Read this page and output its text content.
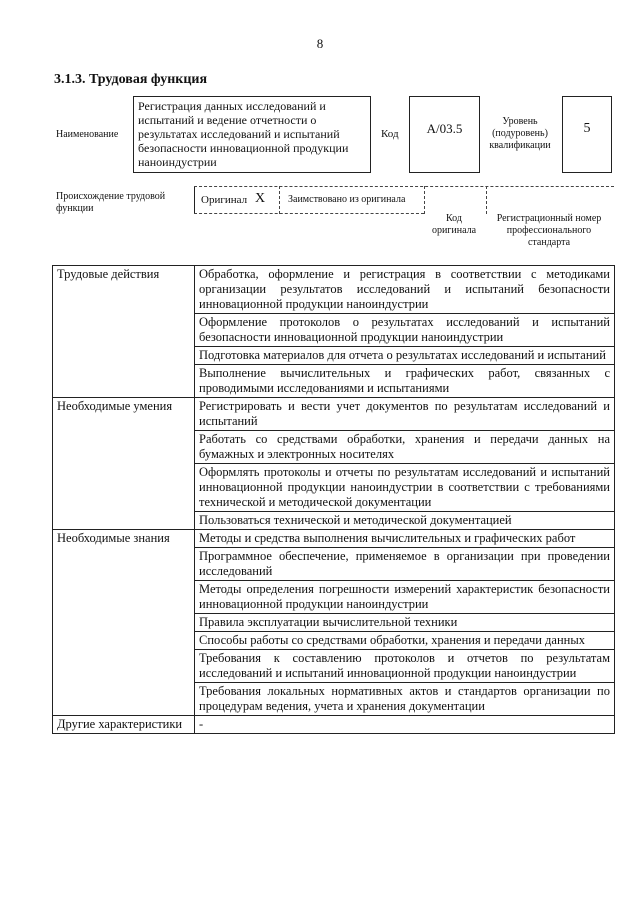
8
3.1.3. Трудовая функция
Наименование
Регистрация данных исследований и испытаний и ведение отчетности о результатах исследований и испытаний безопасности инновационной продукции наноиндустрии
Код	A/03.5	Уровень (подуровень) квалификации
5
Происхождение трудовой функции
Оригинал X Заимствовано из оригинала
Код оригинала
Регистрационный номер профессионального стандарта
Трудовые действия	Обработка, оформление и регистрация в соответствии с методиками организации результатов исследований и испытаний безопасности инновационной продукции наноиндустрии
	Оформление протоколов о результатах исследований и испытаний безопасности инновационной продукции наноиндустрии
	Подготовка материалов для отчета о результатах исследований и испытаний
	Выполнение вычислительных и графических работ, связанных с проводимыми исследованиями и испытаниями
Необходимые умения	Регистрировать и вести учет документов по результатам исследований и испытаний
	Работать со средствами обработки, хранения и передачи данных на бумажных и электронных носителях
	Оформлять протоколы и отчеты по результатам исследований и испытаний инновационной продукции наноиндустрии в соответствии с требованиями технической и методической документации
	Пользоваться технической и методической документацией
Необходимые знания	Методы и средства выполнения вычислительных и графических работ
	Программное обеспечение, применяемое в организации при проведении исследований
	Методы определения погрешности измерений характеристик безопасности инновационной продукции наноиндустрии
	Правила эксплуатации вычислительной техники
	Способы работы со средствами обработки, хранения и передачи данных
	Требования к составлению протоколов и отчетов по результатам исследований и испытаний инновационной продукции наноиндустрии
	Требования локальных нормативных актов и стандартов организации по процедурам ведения, учета и хранения документации
Другие характеристики	-
